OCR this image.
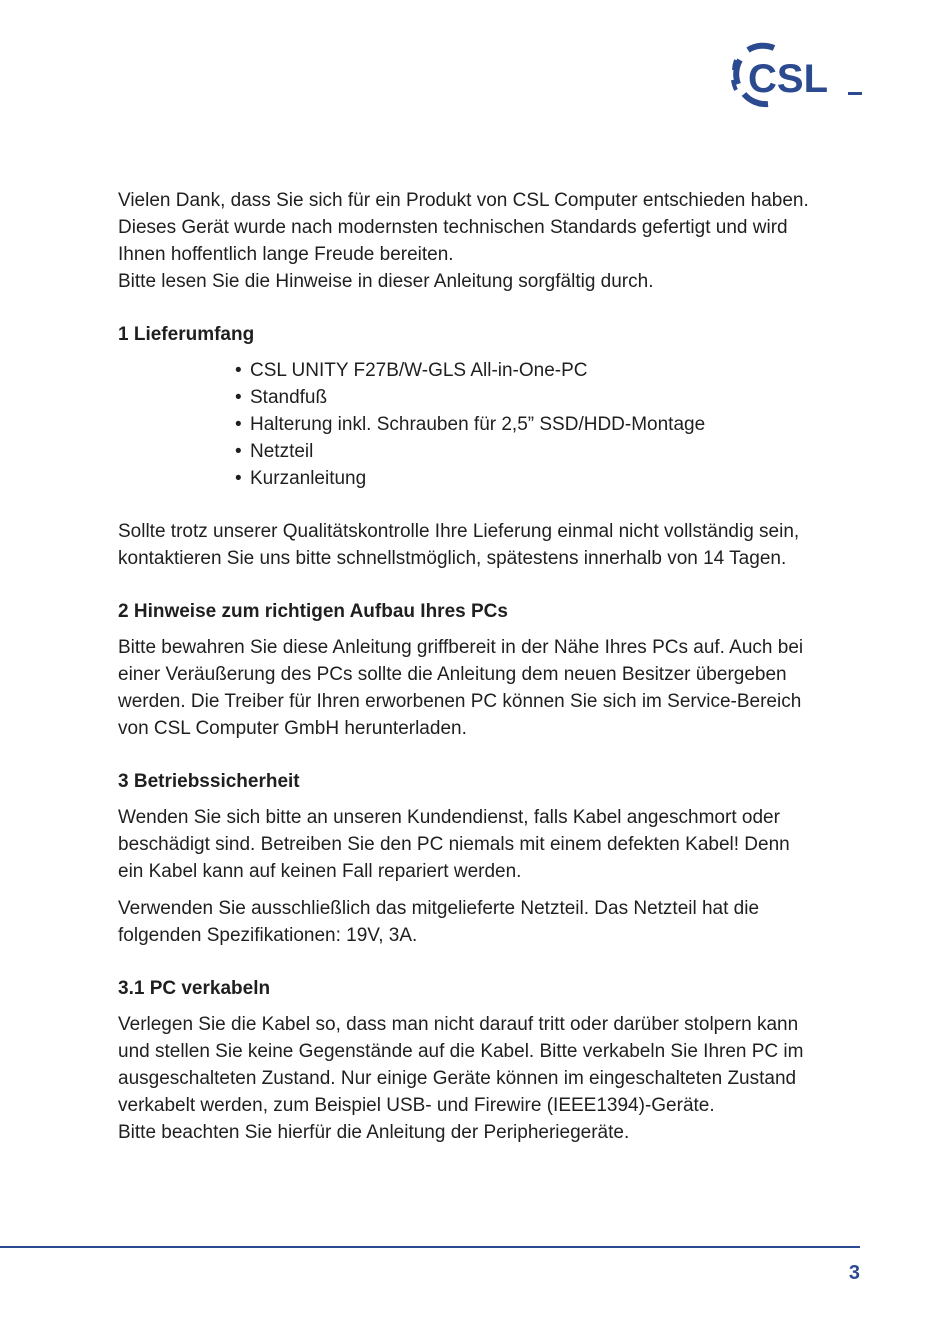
CSL

Vielen Dank, dass Sie sich für ein Produkt von CSL Computer entschieden haben.

Dieses Gerät wurde nach modernsten technischen Standards gefertigt und wird

Ihnen hoffentlich lange Freude bereiten.

Bitte lesen Sie die Hinweise in dieser Anleitung sorgfältig durch.

1 Lieferumfang
• CSL UNITY F27B/W-GLS All-in-One-PC
• Standfuß
• Halterung inkl. Schrauben für 2,5” SSD/HDD-Montage
• Netzteil
• Kurzanleitung

Sollte trotz unserer Qualitätskontrolle Ihre Lieferung einmal nicht vollständig sein,

kontaktieren Sie uns bitte schnellstmöglich, spätestens innerhalb von 14 Tagen.

2 Hinweise zum richtigen Aufbau Ihres PCs

Bitte bewahren Sie diese Anleitung griffbereit in der Nähe Ihres PCs auf. Auch bei

einer Veräußerung des PCs sollte die Anleitung dem neuen Besitzer übergeben

werden. Die Treiber für Ihren erworbenen PC können Sie sich im Service-Bereich

von CSL Computer GmbH herunterladen.

3 Betriebssicherheit

Wenden Sie sich bitte an unseren Kundendienst, falls Kabel angeschmort oder

beschädigt sind. Betreiben Sie den PC niemals mit einem defekten Kabel! Denn

ein Kabel kann auf keinen Fall repariert werden.

Verwenden Sie ausschließlich das mitgelieferte Netzteil. Das Netzteil hat die

folgenden Spezifikationen: 19V, 3A.

3.1 PC verkabeln

Verlegen Sie die Kabel so, dass man nicht darauf tritt oder darüber stolpern kann

und stellen Sie keine Gegenstände auf die Kabel. Bitte verkabeln Sie Ihren PC im

ausgeschalteten Zustand. Nur einige Geräte können im eingeschalteten Zustand

verkabelt werden, zum Beispiel USB- und Firewire (IEEE1394)-Geräte.

Bitte beachten Sie hierfür die Anleitung der Peripheriegeräte.

3
